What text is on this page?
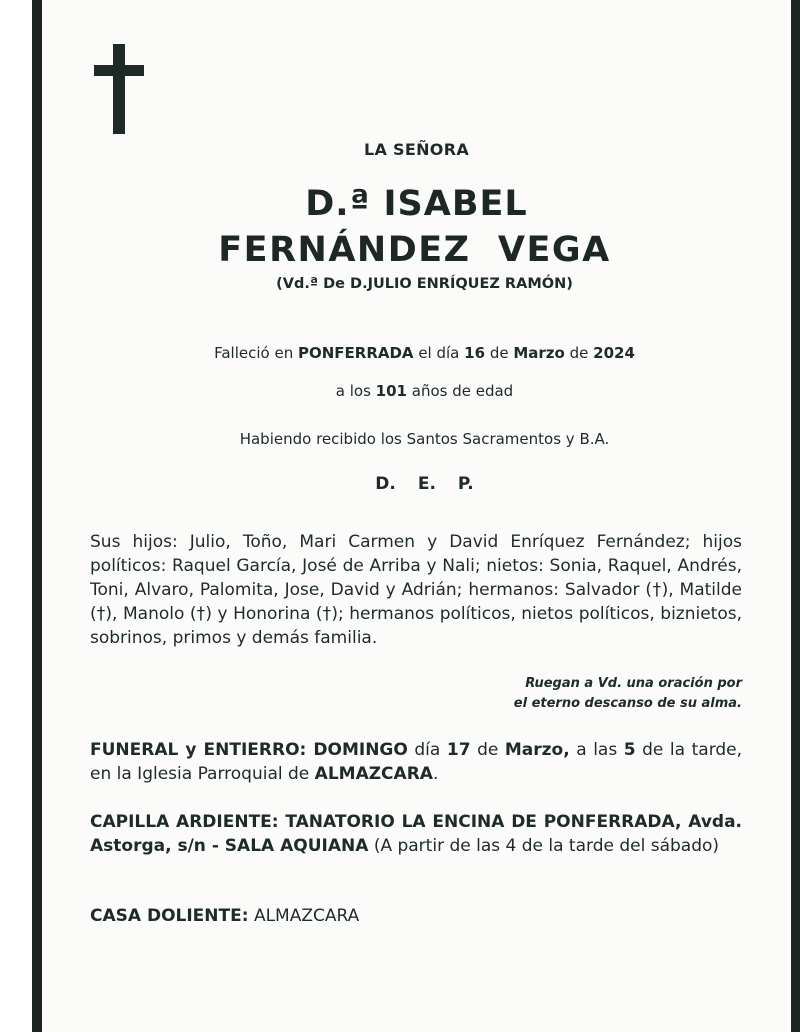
LA SEÑORA
D.ª ISABEL
FERNÁNDEZ  VEGA
(Vd.ª De D.JULIO ENRÍQUEZ RAMÓN)
Falleció en PONFERRADA el día 16 de Marzo de 2024
a los 101 años de edad
Habiendo recibido los Santos Sacramentos y B.A.
D. E. P.
Sus hijos: Julio, Toño, Mari Carmen y David Enríquez Fernández; hijos políticos: Raquel García, José de Arriba y Nali; nietos: Sonia, Raquel, Andrés, Toni, Alvaro, Palomita, Jose, David y Adrián; hermanos: Salvador (†), Matilde (†), Manolo (†) y Honorina (†); hermanos políticos, nietos políticos, biznietos, sobrinos, primos y demás familia.
Ruegan a Vd. una oración por
el eterno descanso de su alma.
FUNERAL y ENTIERRO: DOMINGO día 17 de Marzo, a las 5 de la tarde, en la Iglesia Parroquial de ALMAZCARA.
CAPILLA ARDIENTE: TANATORIO LA ENCINA DE PONFERRADA, Avda. Astorga, s/n - SALA AQUIANA (A partir de las 4 de la tarde del sábado)
CASA DOLIENTE: ALMAZCARA
